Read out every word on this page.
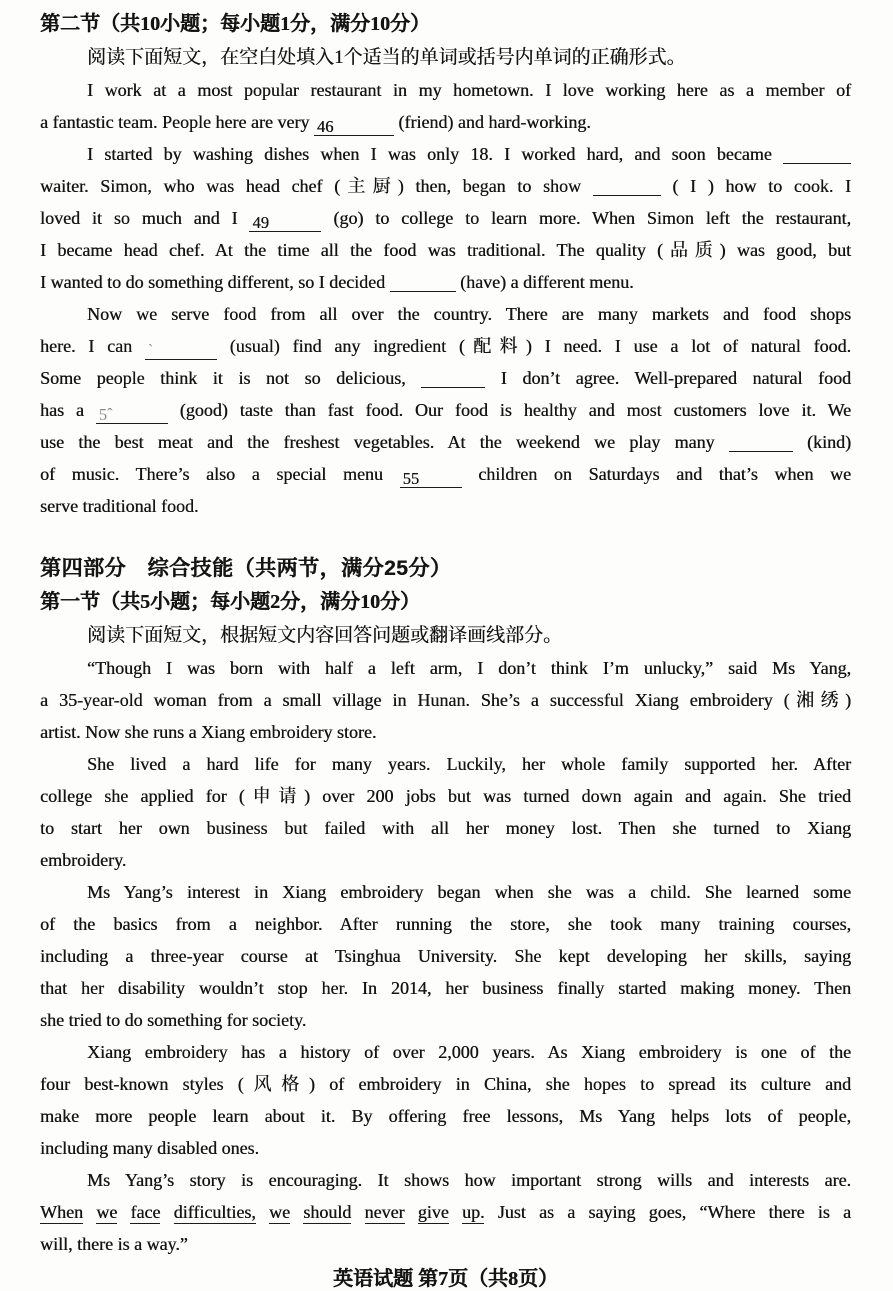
第二节（共10小题；每小题1分，满分10分）

阅读下面短文，在空白处填入1个适当的单词或括号内单词的正确形式。

I work at a most popular restaurant in my hometown. I love working here as a member of
a fantastic team. People here are very 46	(friend) and hard-working.
I started by washing dishes when I was only 18. I worked hard, and soon became
waiter. Simon, who was head chef (主厨) then, began to show	( I ) how to cook. I
loved it so much and I 49	(go) to college to learn more. When Simon left the restaurant,
I became head chef. At the time all the food was traditional. The quality (品质) was good, but
I wanted to do something different, so I decided	(have) a different menu.
Now we serve food from all over the country. There are many markets and food shops
here. I can ˋ	(usual) find any ingredient (配料) I need. I use a lot of natural food.
Some people think it is not so delicious,	I don’t agree. Well-prepared natural food
has a 5ˆ	(good) taste than fast food. Our food is healthy and most customers love it. We
use the best meat and the freshest vegetables. At the weekend we play many	(kind)
of music. There’s also a special menu 55	children on Saturdays and that’s when we
serve traditional food.
第四部分　综合技能（共两节，满分25分）
第一节（共5小题；每小题2分，满分10分）

阅读下面短文，根据短文内容回答问题或翻译画线部分。

“Though I was born with half a left arm, I don’t think I’m unlucky,” said Ms Yang,
a 35-year-old woman from a small village in Hunan. She’s a successful Xiang embroidery (湘绣)
artist. Now she runs a Xiang embroidery store.
She lived a hard life for many years. Luckily, her whole family supported her. After
college she applied for (申请) over 200 jobs but was turned down again and again. She tried
to start her own business but failed with all her money lost. Then she turned to Xiang
embroidery.
Ms Yang’s interest in Xiang embroidery began when she was a child. She learned some
of the basics from a neighbor. After running the store, she took many training courses,
including a three-year course at Tsinghua University. She kept developing her skills, saying
that her disability wouldn’t stop her. In 2014, her business finally started making money. Then
she tried to do something for society.
Xiang embroidery has a history of over 2,000 years. As Xiang embroidery is one of the
four best-known styles (风格) of embroidery in China, she hopes to spread its culture and
make more people learn about it. By offering free lessons, Ms Yang helps lots of people,
including many disabled ones.
Ms Yang’s story is encouraging. It shows how important strong wills and interests are.
When we face difficulties, we should never give up. Just as a saying goes, “Where there is a
will, there is a way.”
英语试题 第7页（共8页）
